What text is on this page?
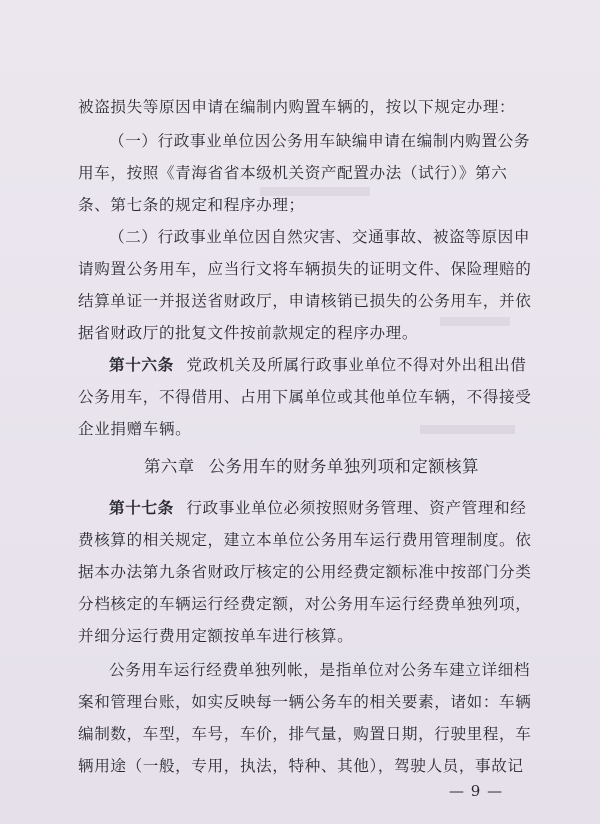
被盗损失等原因申请在编制内购置车辆的，按以下规定办理：
（一）行政事业单位因公务用车缺编申请在编制内购置公务
用车，按照《青海省省本级机关资产配置办法（试行）》第六
条、第七条的规定和程序办理；
（二）行政事业单位因自然灾害、交通事故、被盗等原因申
请购置公务用车，应当行文将车辆损失的证明文件、保险理赔的
结算单证一并报送省财政厅，申请核销已损失的公务用车，并依
据省财政厅的批复文件按前款规定的程序办理。
第十六条 党政机关及所属行政事业单位不得对外出租出借
公务用车，不得借用、占用下属单位或其他单位车辆，不得接受
企业捐赠车辆。
第六章 公务用车的财务单独列项和定额核算
第十七条 行政事业单位必须按照财务管理、资产管理和经
费核算的相关规定，建立本单位公务用车运行费用管理制度。依
据本办法第九条省财政厅核定的公用经费定额标准中按部门分类
分档核定的车辆运行经费定额，对公务用车运行经费单独列项，
并细分运行费用定额按单车进行核算。
公务用车运行经费单独列帐，是指单位对公务车建立详细档
案和管理台账，如实反映每一辆公务车的相关要素，诸如：车辆
编制数，车型，车号，车价，排气量，购置日期，行驶里程，车
辆用途（一般，专用，执法，特种、其他），驾驶人员，事故记
— 9 —
